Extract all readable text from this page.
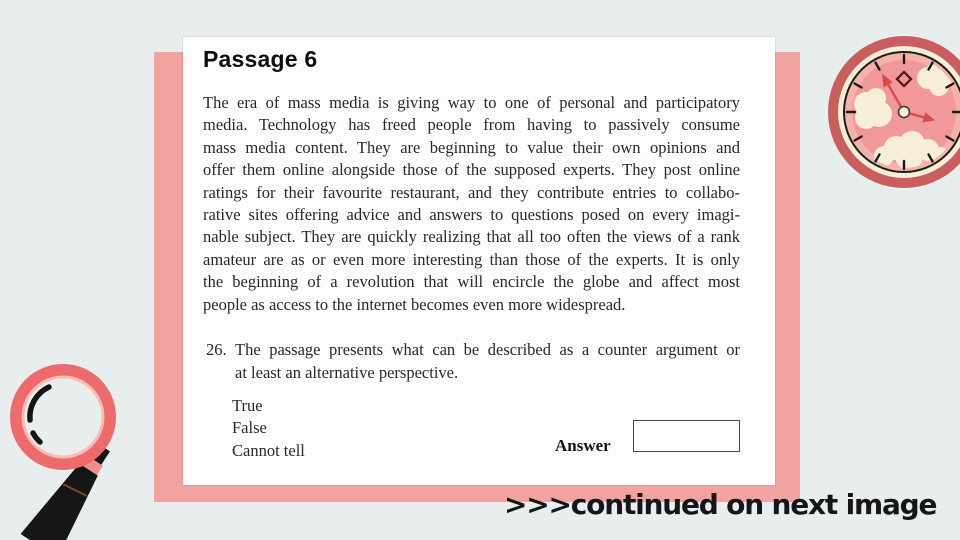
Passage 6
The era of mass media is giving way to one of personal and participatory
media. Technology has freed people from having to passively consume
mass media content. They are beginning to value their own opinions and
offer them online alongside those of the supposed experts. They post online
ratings for their favourite restaurant, and they contribute entries to collabo-
rative sites offering advice and answers to questions posed on every imagi-
nable subject. They are quickly realizing that all too often the views of a rank
amateur are as or even more interesting than those of the experts. It is only
the beginning of a revolution that will encircle the globe and affect most
people as access to the internet becomes even more widespread.
26. The passage presents what can be described as a counter argument or
at least an alternative perspective.
True
False
Cannot tell	Answer
>>>continued on next image
